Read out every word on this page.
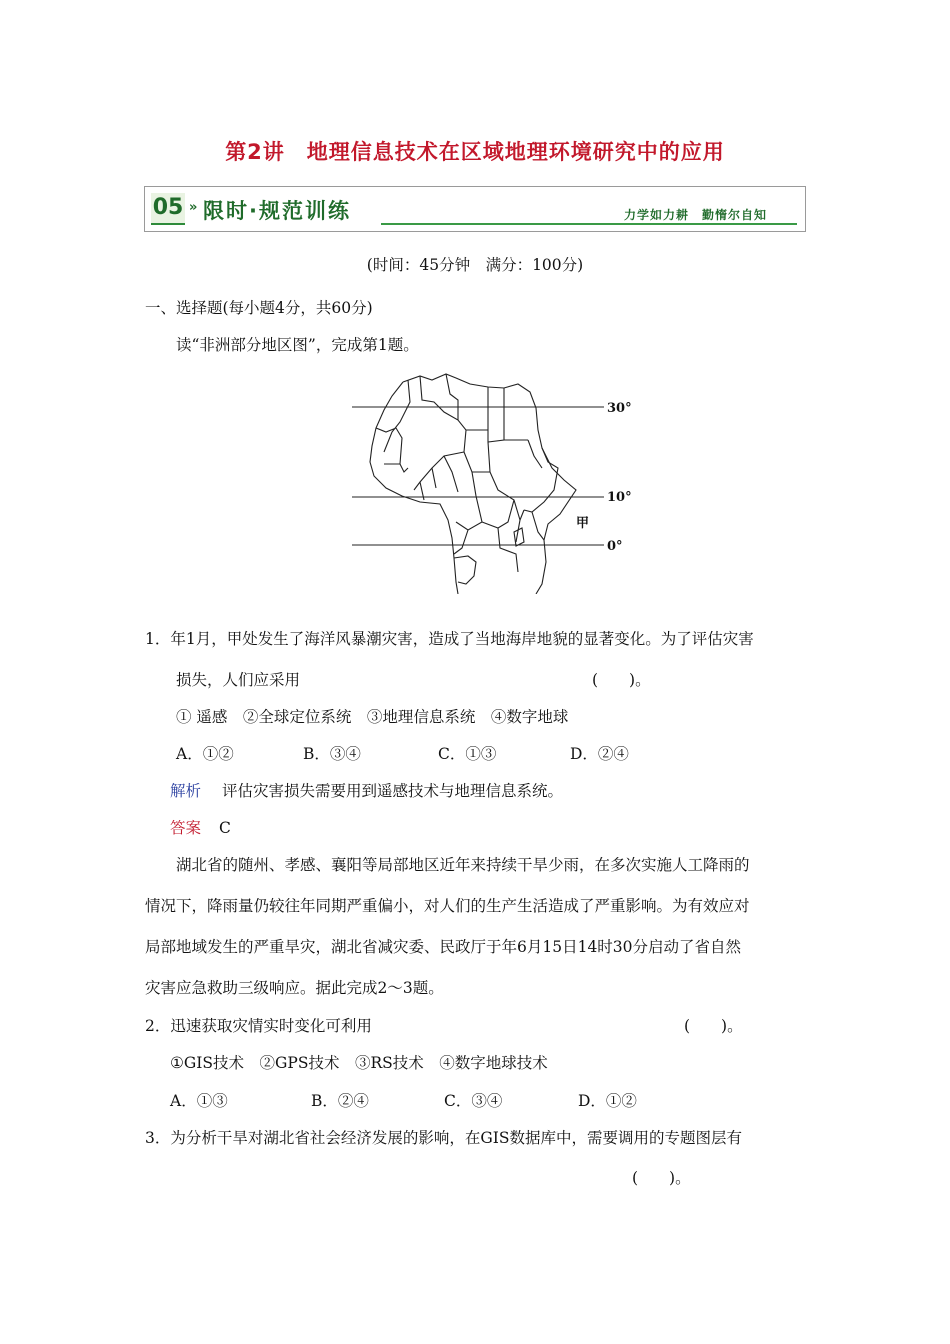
第2讲　地理信息技术在区域地理环境研究中的应用
05 » 限时·规范训练	力学如力耕　勤惰尔自知
(时间：45分钟　满分：100分)
一、选择题(每小题4分，共60分)
读“非洲部分地区图”，完成第1题。
30°
10°
0°
甲
1．年1月，甲处发生了海洋风暴潮灾害，造成了当地海岸地貌的显著变化。为了评估灾害
损失，人们应采用	(　　)。
① 遥感　②全球定位系统　③地理信息系统　④数字地球
A．①②	B．③④	C．①③	D．②④
解析 评估灾害损失需要用到遥感技术与地理信息系统。
答案 C
湖北省的随州、孝感、襄阳等局部地区近年来持续干旱少雨，在多次实施人工降雨的
情况下，降雨量仍较往年同期严重偏小，对人们的生产生活造成了严重影响。为有效应对
局部地域发生的严重旱灾，湖北省减灾委、民政厅于年6月15日14时30分启动了省自然
灾害应急救助三级响应。据此完成2～3题。
2．迅速获取灾情实时变化可利用	(　　)。
①GIS技术　②GPS技术　③RS技术　④数字地球技术
A．①③	B．②④	C．③④	D．①②
3．为分析干旱对湖北省社会经济发展的影响，在GIS数据库中，需要调用的专题图层有
(　　)。
